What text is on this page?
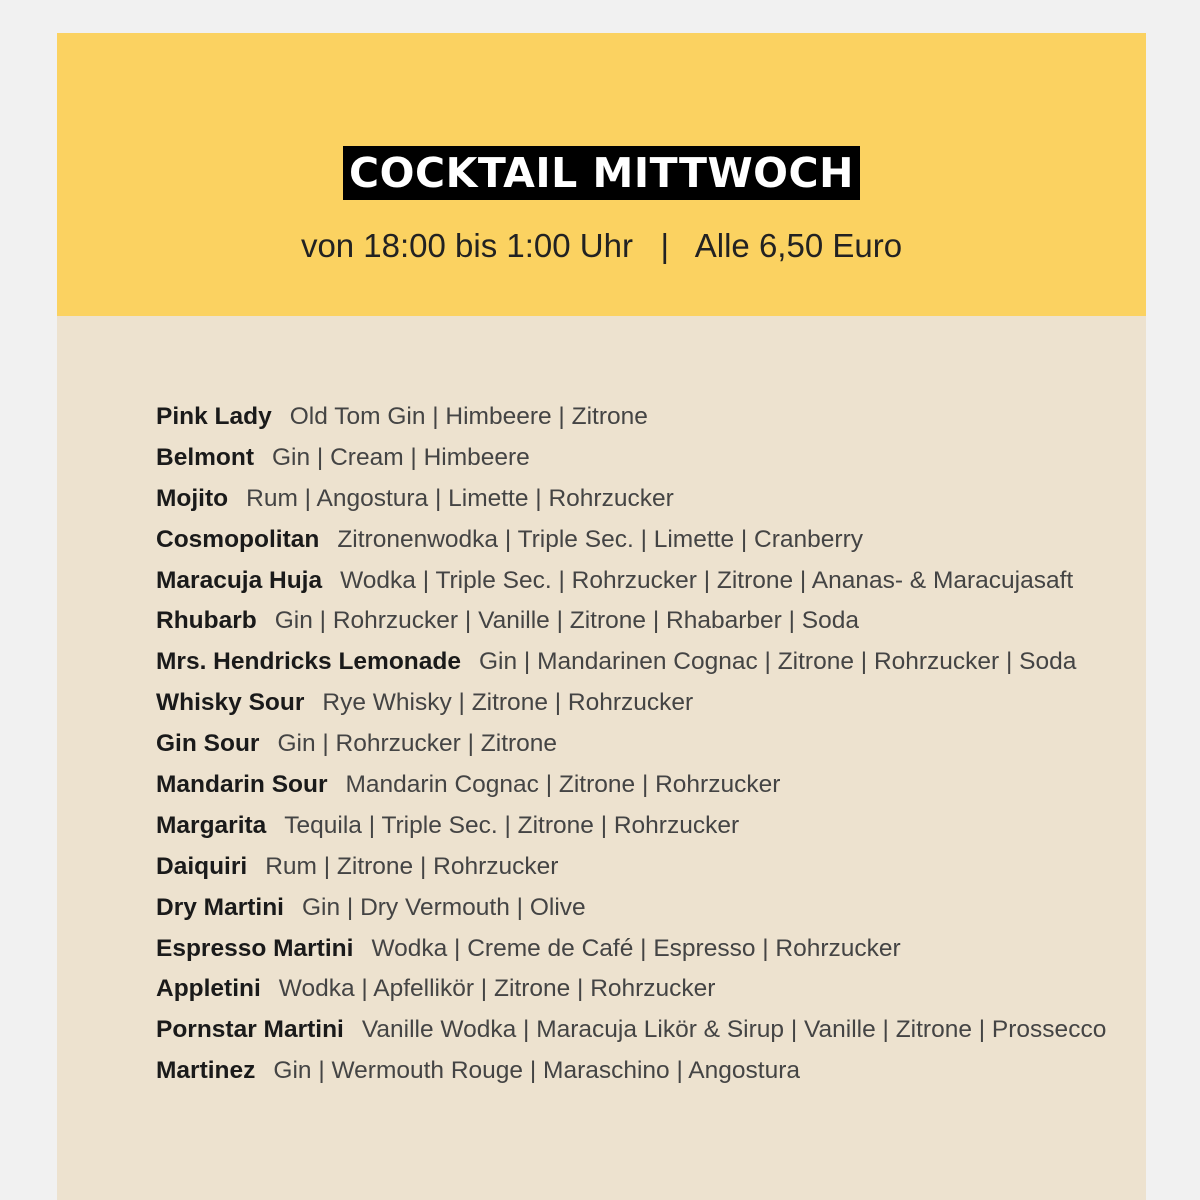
COCKTAIL MITTWOCH
von 18:00 bis 1:00 Uhr   |   Alle 6,50 Euro
Pink Lady Old Tom Gin | Himbeere | Zitrone
Belmont Gin | Cream | Himbeere
Mojito Rum | Angostura | Limette | Rohrzucker
Cosmopolitan Zitronenwodka | Triple Sec. | Limette | Cranberry
Maracuja Huja Wodka | Triple Sec. | Rohrzucker | Zitrone | Ananas- & Maracujasaft
Rhubarb Gin | Rohrzucker | Vanille | Zitrone | Rhabarber | Soda
Mrs. Hendricks Lemonade Gin | Mandarinen Cognac | Zitrone | Rohrzucker | Soda
Whisky Sour Rye Whisky | Zitrone | Rohrzucker
Gin Sour Gin | Rohrzucker | Zitrone
Mandarin Sour Mandarin Cognac | Zitrone | Rohrzucker
Margarita Tequila | Triple Sec. | Zitrone | Rohrzucker
Daiquiri Rum | Zitrone | Rohrzucker
Dry Martini Gin | Dry Vermouth | Olive
Espresso Martini Wodka | Creme de Café | Espresso | Rohrzucker
Appletini Wodka | Apfellikör | Zitrone | Rohrzucker
Pornstar Martini Vanille Wodka | Maracuja Likör & Sirup | Vanille | Zitrone | Prossecco
Martinez Gin | Wermouth Rouge | Maraschino | Angostura
